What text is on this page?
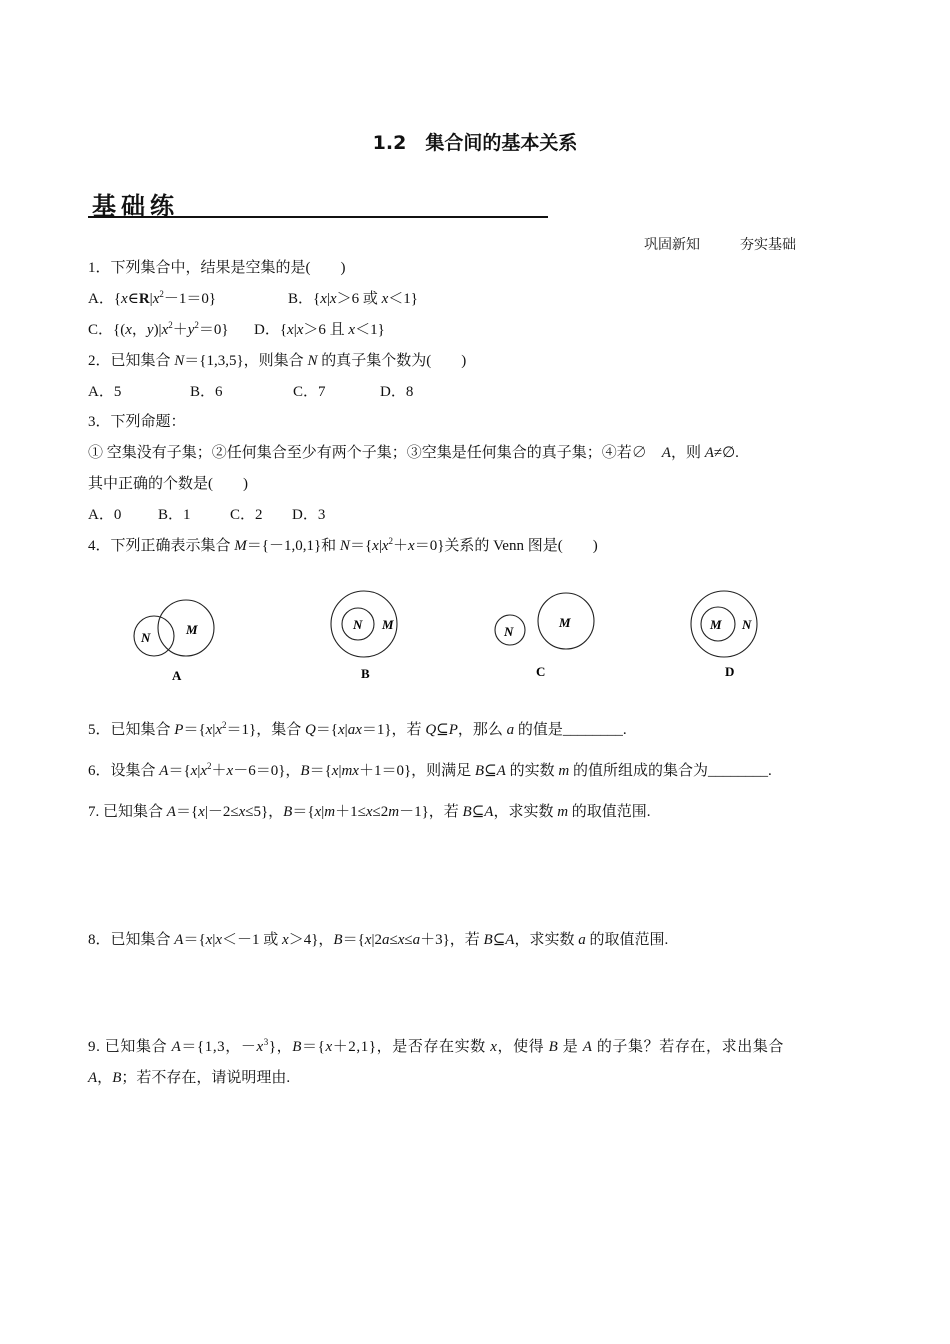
1.2　集合间的基本关系
基础练
巩固新知	夯实基础
1．下列集合中，结果是空集的是(　　)
A．$\{x\in R|x^2-1=0\}$	B．{x|x＞6 或 x＜1}
C．{(x，$y)|x^2+y^2=0$} D．{x|x＞6 且 x＜1}
2．已知集合 N＝{1,3,5}，则集合 N 的真子集个数为(　　)
A．5	B．6	C．7	D．8
3．下列命题：
① 空集没有子集；②任何集合至少有两个子集；③空集是任何集合的真子集；④若∅　A，则 A≠∅.
其中正确的个数是(　　)
A．0 B．1	C．2 D．3
4．下列正确表示集合 M＝{－1,0,1}和 $N=\{x|x^2+x=0\}$关系的 Venn 图是(　　)
N
M
A
N M
B
N
M
C
M N
D
5．已知集合 $P=\{x|x^2=1\}$，集合 Q＝{x|ax＝1}，若 Q⊆P，那么 a 的值是________.
6．设集合 $A=\{x|x^2+x-6=0\}$，B＝{x|mx＋1＝0}，则满足 B⊆A 的实数 m 的值所组成的集合为________.
7. 已知集合 A＝{x|－2≤x≤5}，B＝{x|m＋1≤x≤2m－1}，若 B⊆A，求实数 m 的取值范围.
8．已知集合 A＝{x|x＜－1 或 x＞4}，B＝{x|2a≤x≤a＋3}，若 B⊆A，求实数 a 的取值范围.
9. 已知集合 A＝{1,3，$-x^3$}，B＝{x＋2,1}，是否存在实数 x，使得 B 是 A 的子集？若存在，求出集合
A，B；若不存在，请说明理由.
